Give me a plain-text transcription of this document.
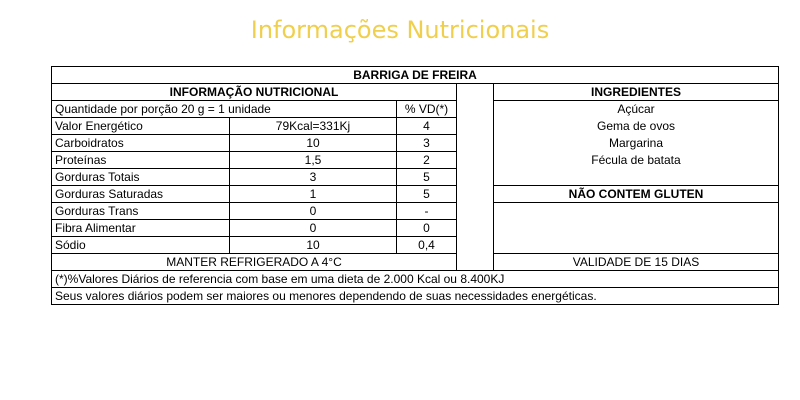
Informações Nutricionais
BARRIGA DE FREIRA				
INFORMAÇÃO NUTRICIONAL				INGREDIENTES
Quantidade por porção 20 g = 1 unidade		% VD(*)		Açúcar
Valor Energético	79Kcal=331Kj	4		Gema de ovos
Carboidratos	10	3		Margarina
Proteínas	1,5	2		Fécula de batata
Gorduras Totais	3	5		
Gorduras Saturadas	1	5		NÃO CONTEM GLUTEN
Gorduras Trans	0	-		
Fibra Alimentar	0	0		
Sódio	10	0,4		
MANTER REFRIGERADO A 4°C				VALIDADE DE 15 DIAS
(*)%Valores Diários de referencia com base em uma dieta de 2.000 Kcal ou 8.400KJ				
Seus valores diários podem ser maiores ou menores dependendo de suas necessidades energéticas.				
